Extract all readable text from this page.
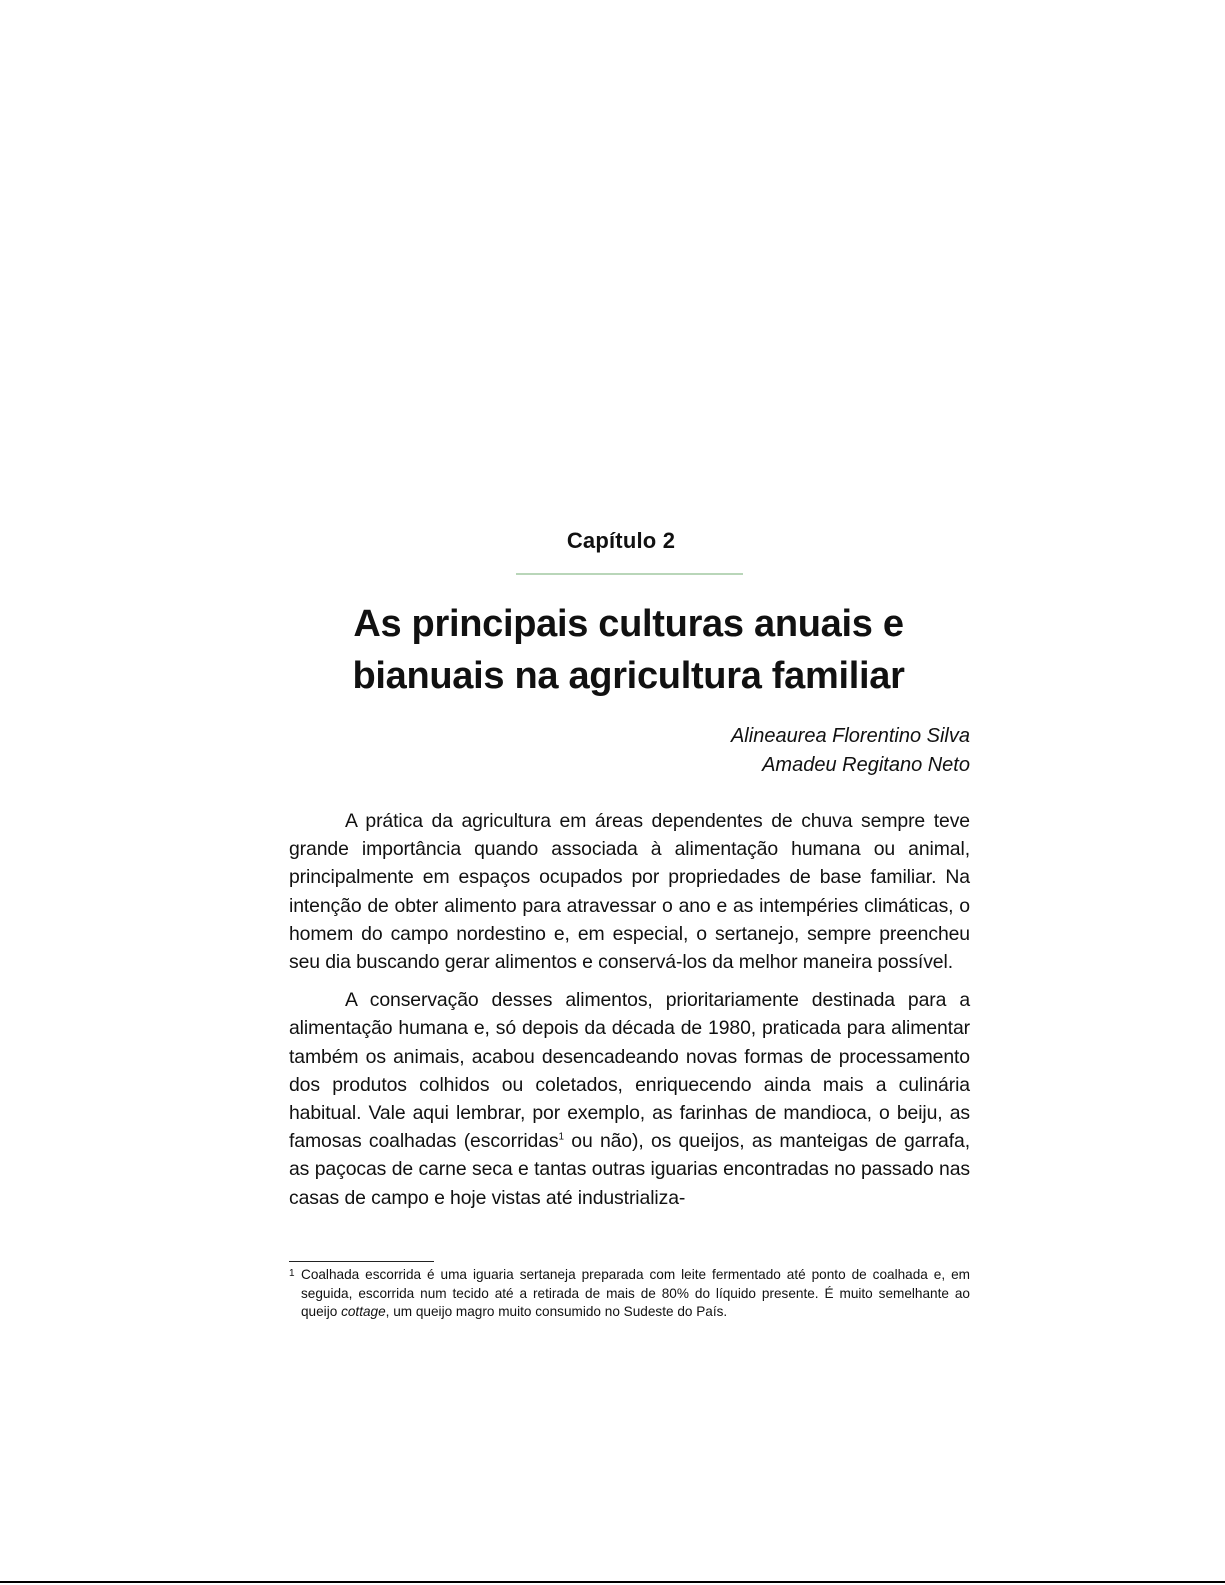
Capítulo 2
As principais culturas anuais e
bianuais na agricultura familiar
Alineaurea Florentino Silva
Amadeu Regitano Neto

A prática da agricultura em áreas dependentes de chuva sempre teve grande importância quando associada à alimentação humana ou animal, principalmente em espaços ocupados por propriedades de base familiar. Na intenção de obter alimento para atravessar o ano e as intempéries climáticas, o homem do campo nordestino e, em especial, o sertanejo, sempre preencheu seu dia buscando gerar alimentos e conservá-los da melhor maneira possível.

A conservação desses alimentos, prioritariamente destinada para a alimentação humana e, só depois da década de 1980, praticada para alimentar também os animais, acabou desencadeando novas formas de processamento dos produtos colhidos ou coletados, enriquecendo ainda mais a culinária habitual. Vale aqui lembrar, por exemplo, as farinhas de mandioca, o beiju, as famosas coalhadas (escorridas$^1$ ou não), os queijos, as manteigas de garrafa, as paçocas de carne seca e tantas outras iguarias encontradas no passado nas casas de campo e hoje vistas até industrializa-

1 Coalhada escorrida é uma iguaria sertaneja preparada com leite fermentado até ponto de coalhada e, em seguida, escorrida num tecido até a retirada de mais de 80% do líquido presente. É muito semelhante ao queijo cottage, um queijo magro muito consumido no Sudeste do País.
